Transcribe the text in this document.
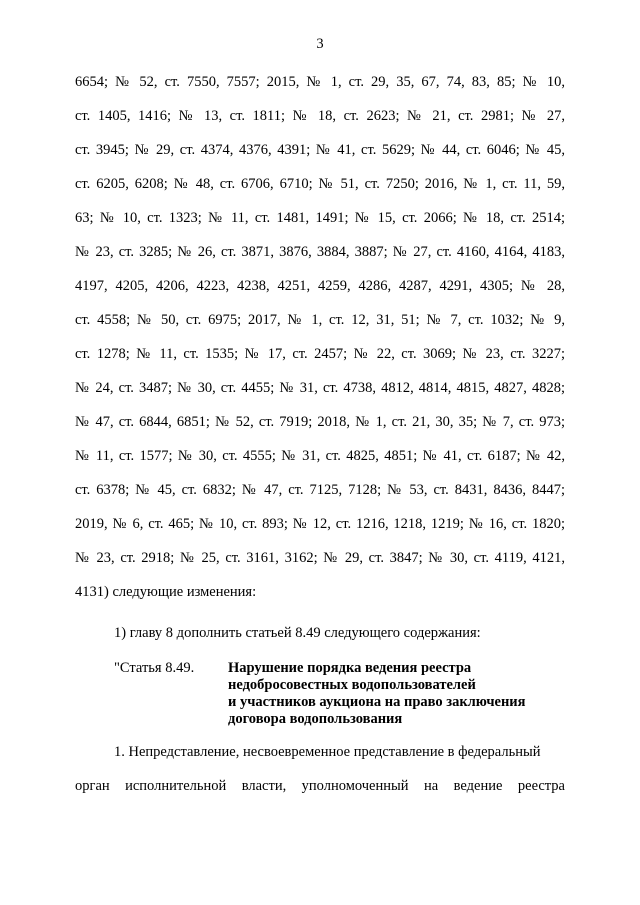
3
6654; № 52, ст. 7550, 7557; 2015, № 1, ст. 29, 35, 67, 74, 83, 85; № 10,
ст. 1405, 1416; № 13, ст. 1811; № 18, ст. 2623; № 21, ст. 2981; № 27,
ст. 3945; № 29, ст. 4374, 4376, 4391; № 41, ст. 5629; № 44, ст. 6046; № 45,
ст. 6205, 6208; № 48, ст. 6706, 6710; № 51, ст. 7250; 2016, № 1, ст. 11, 59,
63; № 10, ст. 1323; № 11, ст. 1481, 1491; № 15, ст. 2066; № 18, ст. 2514;
№ 23, ст. 3285; № 26, ст. 3871, 3876, 3884, 3887; № 27, ст. 4160, 4164, 4183,
4197, 4205, 4206, 4223, 4238, 4251, 4259, 4286, 4287, 4291, 4305; № 28,
ст. 4558; № 50, ст. 6975; 2017, № 1, ст. 12, 31, 51; № 7, ст. 1032; № 9,
ст. 1278; № 11, ст. 1535; № 17, ст. 2457; № 22, ст. 3069; № 23, ст. 3227;
№ 24, ст. 3487; № 30, ст. 4455; № 31, ст. 4738, 4812, 4814, 4815, 4827, 4828;
№ 47, ст. 6844, 6851; № 52, ст. 7919; 2018, № 1, ст. 21, 30, 35; № 7, ст. 973;
№ 11, ст. 1577; № 30, ст. 4555; № 31, ст. 4825, 4851; № 41, ст. 6187; № 42,
ст. 6378; № 45, ст. 6832; № 47, ст. 7125, 7128; № 53, ст. 8431, 8436, 8447;
2019, № 6, ст. 465; № 10, ст. 893; № 12, ст. 1216, 1218, 1219; № 16, ст. 1820;
№ 23, ст. 2918; № 25, ст. 3161, 3162; № 29, ст. 3847; № 30, ст. 4119, 4121,
4131) следующие изменения:
1) главу 8 дополнить статьей 8.49 следующего содержания:
"Статья 8.49. Нарушение порядка ведения реестра
недобросовестных водопользователей
и участников аукциона на право заключения
договора водопользования
1. Непредставление, несвоевременное представление в федеральный
орган исполнительной власти, уполномоченный на ведение реестра
